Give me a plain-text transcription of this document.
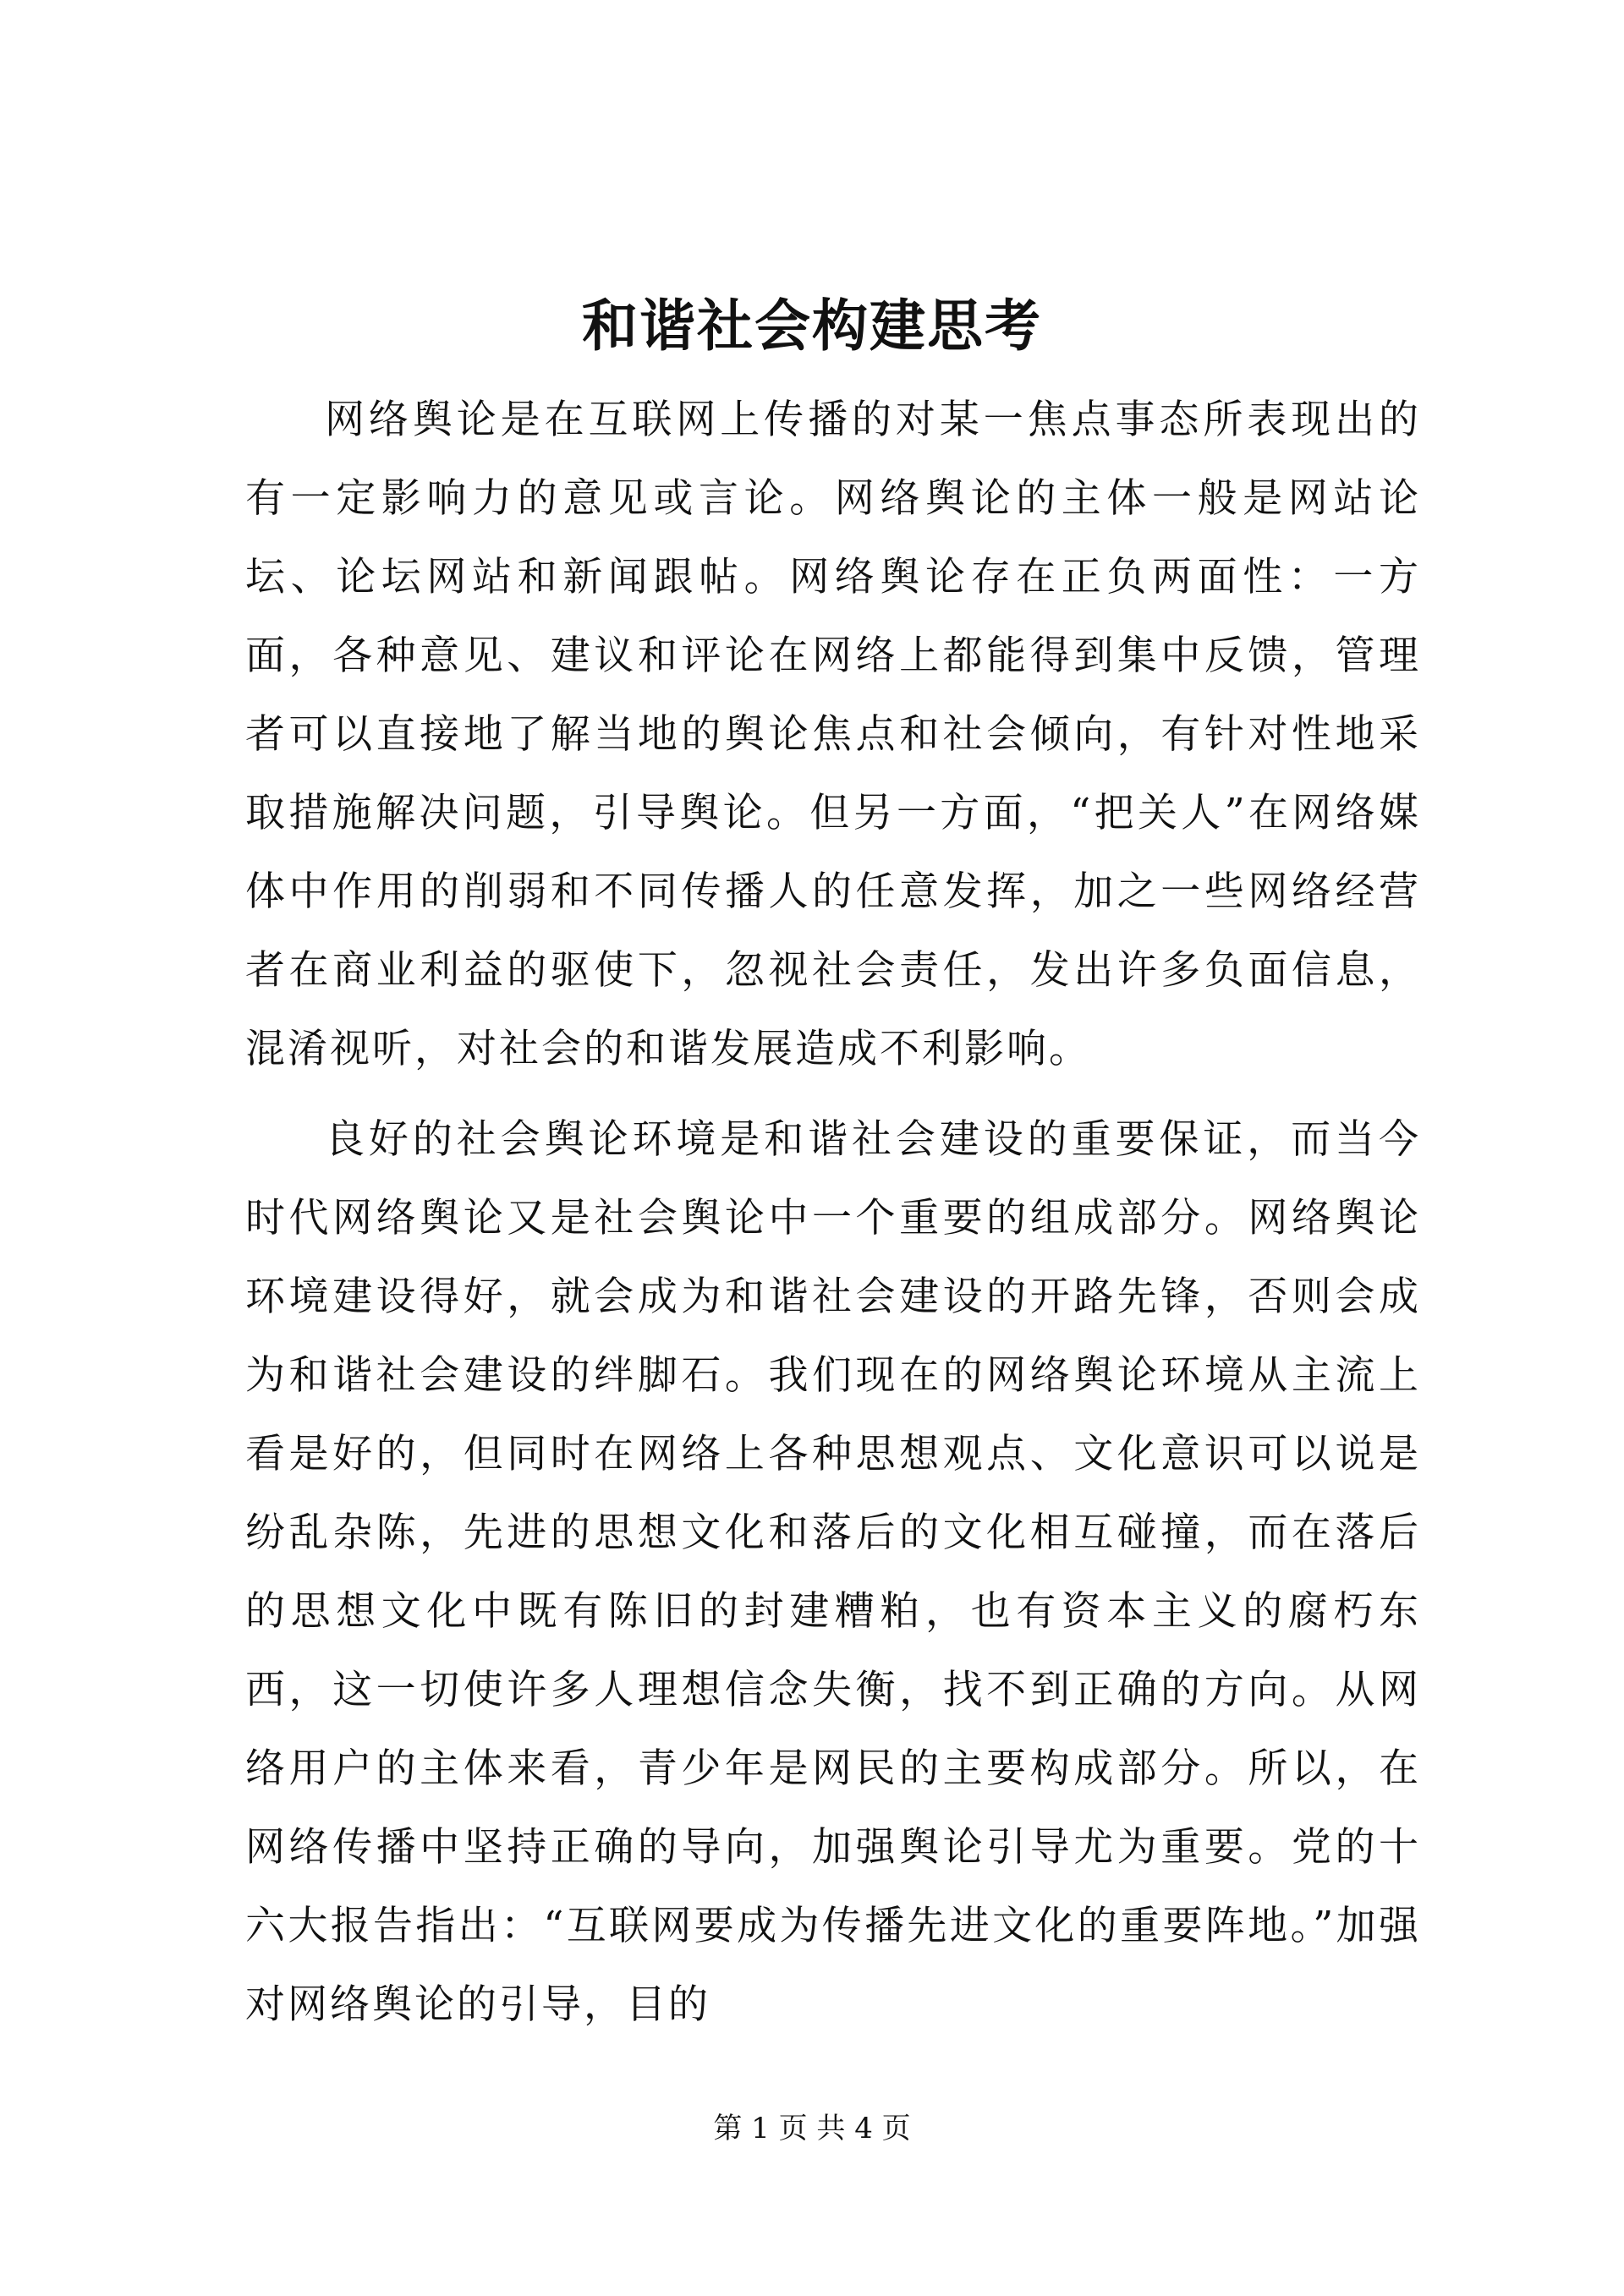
和谐社会构建思考

网络舆论是在互联网上传播的对某一焦点事态所表现出的有一定影响力的意见或言论。网络舆论的主体一般是网站论坛、论坛网站和新闻跟帖。网络舆论存在正负两面性：一方面，各种意见、建议和评论在网络上都能得到集中反馈，管理者可以直接地了解当地的舆论焦点和社会倾向，有针对性地采取措施解决问题，引导舆论。但另一方面，“把关人”在网络媒体中作用的削弱和不同传播人的任意发挥，加之一些网络经营者在商业利益的驱使下，忽视社会责任，发出许多负面信息，混淆视听，对社会的和谐发展造成不利影响。

良好的社会舆论环境是和谐社会建设的重要保证，而当今时代网络舆论又是社会舆论中一个重要的组成部分。网络舆论环境建设得好，就会成为和谐社会建设的开路先锋，否则会成为和谐社会建设的绊脚石。我们现在的网络舆论环境从主流上看是好的，但同时在网络上各种思想观点、文化意识可以说是纷乱杂陈，先进的思想文化和落后的文化相互碰撞，而在落后的思想文化中既有陈旧的封建糟粕，也有资本主义的腐朽东西，这一切使许多人理想信念失衡，找不到正确的方向。从网络用户的主体来看，青少年是网民的主要构成部分。所以，在网络传播中坚持正确的导向，加强舆论引导尤为重要。党的十六大报告指出：“互联网要成为传播先进文化的重要阵地。”加强对网络舆论的引导，目的

第 1 页 共 4 页
